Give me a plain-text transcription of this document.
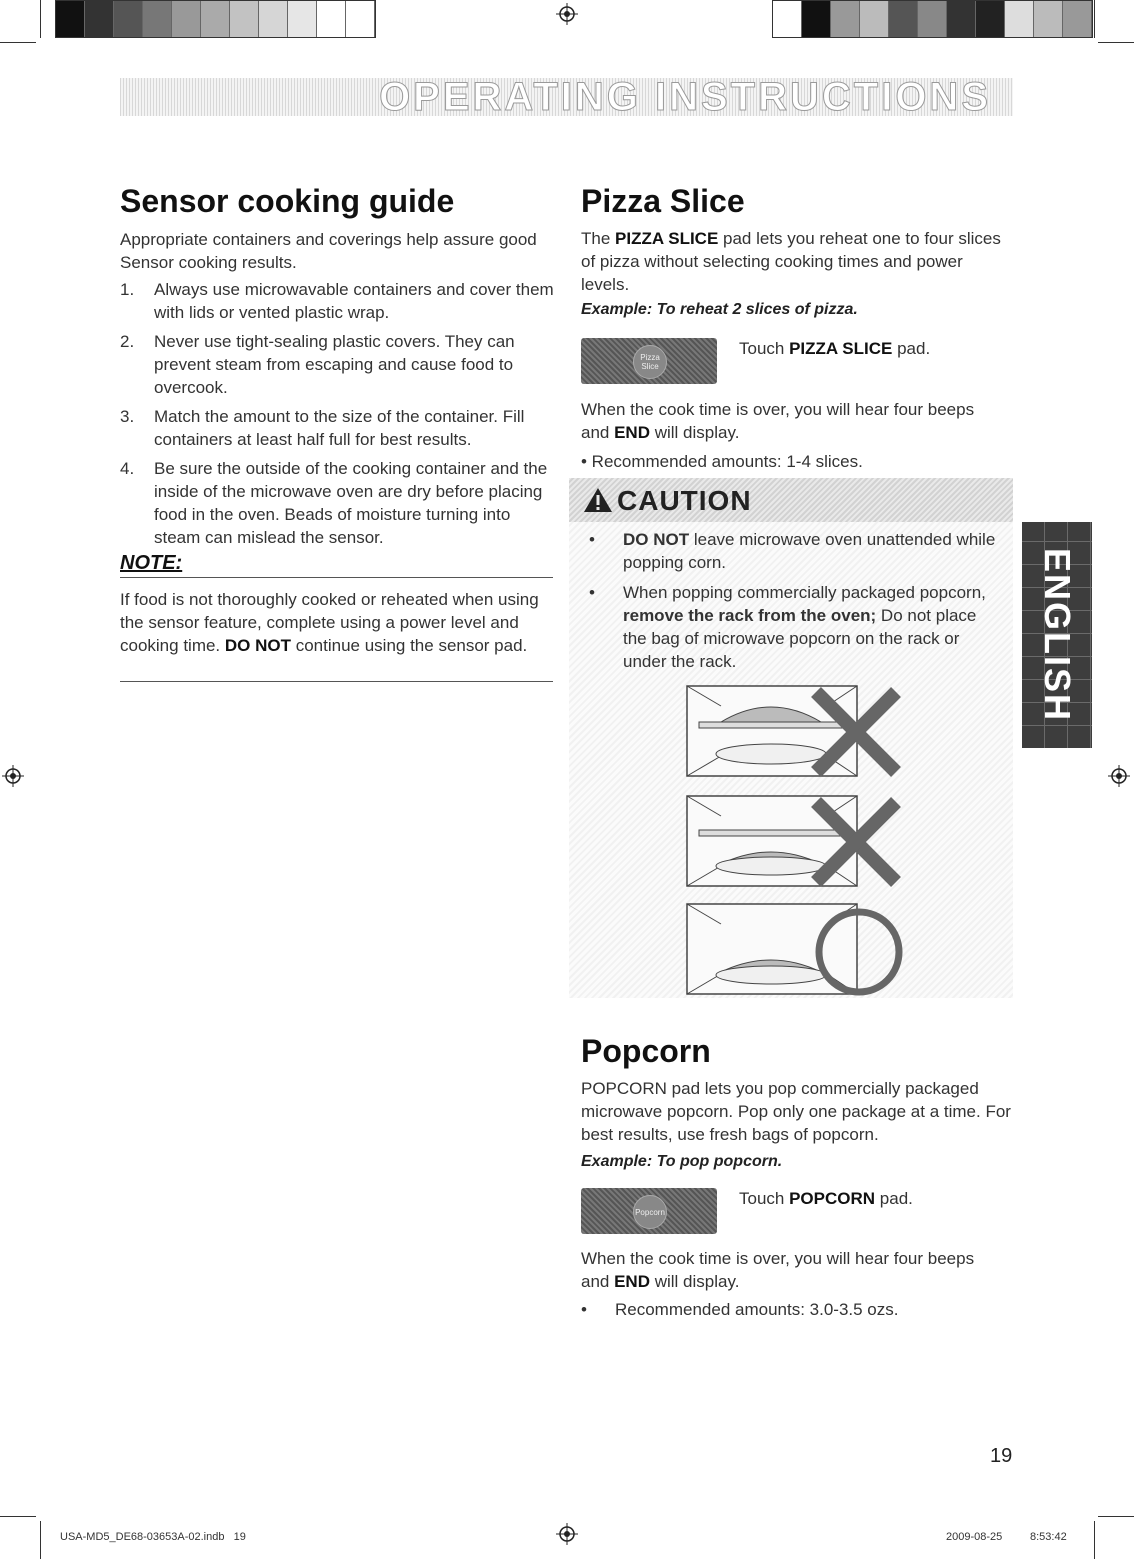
OPERATING INSTRUCTIONS
Sensor cooking guide
Appropriate containers and coverings help assure good Sensor cooking results.
1. Always use microwavable containers and cover them with lids or vented plastic wrap.
2. Never use tight-sealing plastic covers. They can prevent steam from escaping and cause food to overcook.
3. Match the amount to the size of the container. Fill containers at least half full for best results.
4. Be sure the outside of the cooking container and the inside of the microwave oven are dry before placing food in the oven. Beads of moisture turning into steam can mislead the sensor.
NOTE:
If food is not thoroughly cooked or reheated when using the sensor feature, complete using a power level and cooking time. DO NOT continue using the sensor pad.
Pizza Slice
The PIZZA SLICE pad lets you reheat one to four slices of pizza without selecting cooking times and power levels.
Example: To reheat 2 slices of pizza.
Pizza Slice
Touch PIZZA SLICE pad.
When the cook time is over, you will hear four beeps and END will display.
• Recommended amounts: 1-4 slices.
CAUTION
• DO NOT leave microwave oven unattended while popping corn.
• When popping commercially packaged popcorn, remove the rack from the oven; Do not place the bag of microwave popcorn on the rack or under the rack.	ENGLISH
Popcorn
POPCORN pad lets you pop commercially packaged microwave popcorn. Pop only one package at a time. For best results, use fresh bags of popcorn.
Example: To pop popcorn.
Popcorn
Touch POPCORN pad.
When the cook time is over, you will hear four beeps and END will display.
• Recommended amounts: 3.0-3.5 ozs.
19
USA-MD5_DE68-03653A-02.indb   19	2009-08-25	8:53:42
